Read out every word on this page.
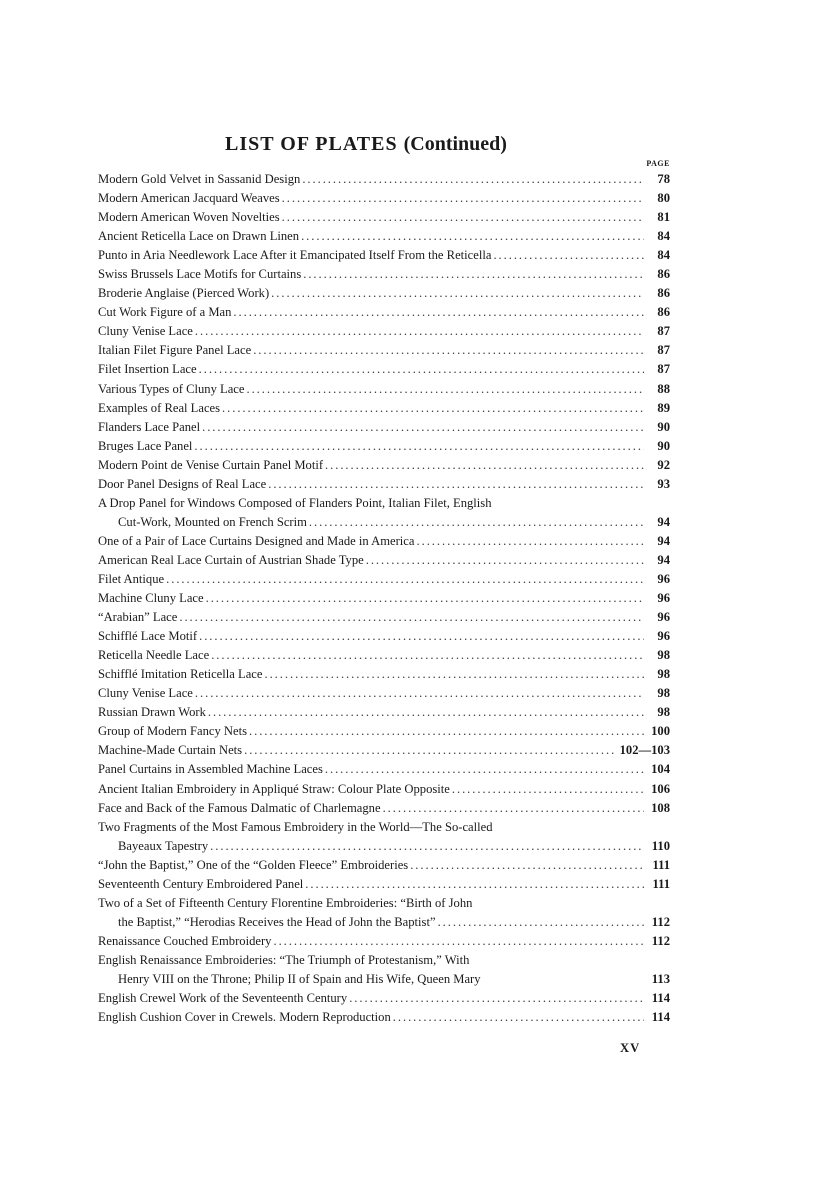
LIST OF PLATES (Continued)
PAGE
Modern Gold Velvet in Sassanid Design . . .	78
Modern American Jacquard Weaves . . .	80
Modern American Woven Novelties . . .	81
Ancient Reticella Lace on Drawn Linen . . .	84
Punto in Aria Needlework Lace After it Emancipated Itself From the Reticella . . .	84
Swiss Brussels Lace Motifs for Curtains . . .	86
Broderie Anglaise (Pierced Work) . . .	86
Cut Work Figure of a Man . . .	86
Cluny Venise Lace . . .	87
Italian Filet Figure Panel Lace . . .	87
Filet Insertion Lace . . .	87
Various Types of Cluny Lace . . .	88
Examples of Real Laces . . .	89
Flanders Lace Panel . . .	90
Bruges Lace Panel . . .	90
Modern Point de Venise Curtain Panel Motif . . .	92
Door Panel Designs of Real Lace . . .	93
A Drop Panel for Windows Composed of Flanders Point, Italian Filet, English
Cut-Work, Mounted on French Scrim . . .	94
One of a Pair of Lace Curtains Designed and Made in America . . .	94
American Real Lace Curtain of Austrian Shade Type . . .	94
Filet Antique . . .	96
Machine Cluny Lace . . .	96
“Arabian” Lace . . .	96
Schifflé Lace Motif . . .	96
Reticella Needle Lace . . .	98
Schifflé Imitation Reticella Lace . . .	98
Cluny Venise Lace . . .	98
Russian Drawn Work . . .	98
Group of Modern Fancy Nets . . .	100
Machine-Made Curtain Nets . . .	102—103
Panel Curtains in Assembled Machine Laces . . .	104
Ancient Italian Embroidery in Appliqué Straw: Colour Plate Opposite . . .	106
Face and Back of the Famous Dalmatic of Charlemagne . . .	108
Two Fragments of the Most Famous Embroidery in the World—The So-called
Bayeaux Tapestry . . .	110
“John the Baptist,” One of the “Golden Fleece” Embroideries . . .	111
Seventeenth Century Embroidered Panel . . .	111
Two of a Set of Fifteenth Century Florentine Embroideries: “Birth of John
the Baptist,” “Herodias Receives the Head of John the Baptist” . . .	112
Renaissance Couched Embroidery . . .	112
English Renaissance Embroideries: “The Triumph of Protestanism,” With
Henry VIII on the Throne; Philip II of Spain and His Wife, Queen Mary	113
English Crewel Work of the Seventeenth Century . . .	114
English Cushion Cover in Crewels. Modern Reproduction . . .	114
XV
